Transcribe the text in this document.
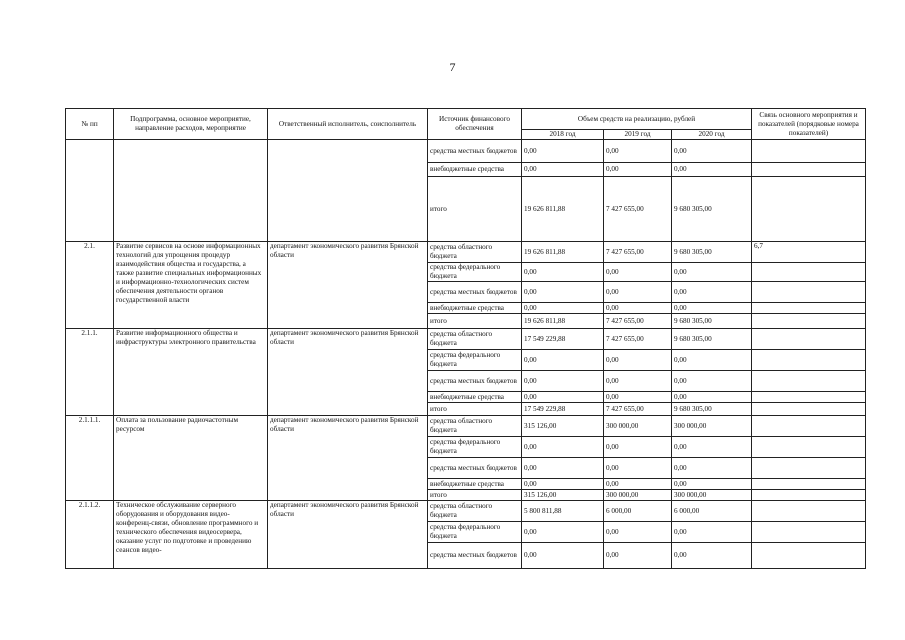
7
№ пп	Подпрограмма, основное мероприятие, направление расходов, мероприятие	Ответственный исполнитель, соисполнитель	Источник финансового обеспечения	Объем средств на реализацию, рублей			Связь основного мероприятия и показателей (порядковые номера показателей)
				2018 год	2019 год	2020 год	
			средства местных бюджетов	0,00	0,00	0,00	
			внебюджетные средства	0,00	0,00	0,00	
			итого	19 626 811,88	7 427 655,00	9 680 305,00	
2.1.	Развитие сервисов на основе информационных технологий для упрощения процедур взаимодействия общества и государства, а также развитие специальных информационных и информационно-технологических систем обеспечения деятельности органов государственной власти	департамент экономического развития Брянской области	средства областного бюджета	19 626 811,88	7 427 655,00	9 680 305,00	6,7
			средства федерального бюджета	0,00	0,00	0,00	
			средства местных бюджетов	0,00	0,00	0,00	
			внебюджетные средства	0,00	0,00	0,00	
			итого	19 626 811,88	7 427 655,00	9 680 305,00	
2.1.1.	Развитие информационного общества и инфраструктуры электронного правительства	департамент экономического развития Брянской области	средства областного бюджета	17 549 229,88	7 427 655,00	9 680 305,00	
			средства федерального бюджета	0,00	0,00	0,00	
			средства местных бюджетов	0,00	0,00	0,00	
			внебюджетные средства	0,00	0,00	0,00	
			итого	17 549 229,88	7 427 655,00	9 680 305,00	
2.1.1.1.	Оплата за пользование радиочастотным ресурсом	департамент экономического развития Брянской области	средства областного бюджета	315 126,00	300 000,00	300 000,00	
			средства федерального бюджета	0,00	0,00	0,00	
			средства местных бюджетов	0,00	0,00	0,00	
			внебюджетные средства	0,00	0,00	0,00	
			итого	315 126,00	300 000,00	300 000,00	
2.1.1.2.	Техническое обслуживание серверного оборудования и оборудования видео-конференц-связи, обновление программного и технического обеспечения видеосервера, оказание услуг по подготовке и проведению сеансов видео-	департамент экономического развития Брянской области	средства областного бюджета	5 800 811,88	6 000,00	6 000,00	
			средства федерального бюджета	0,00	0,00	0,00	
			средства местных бюджетов	0,00	0,00	0,00	
